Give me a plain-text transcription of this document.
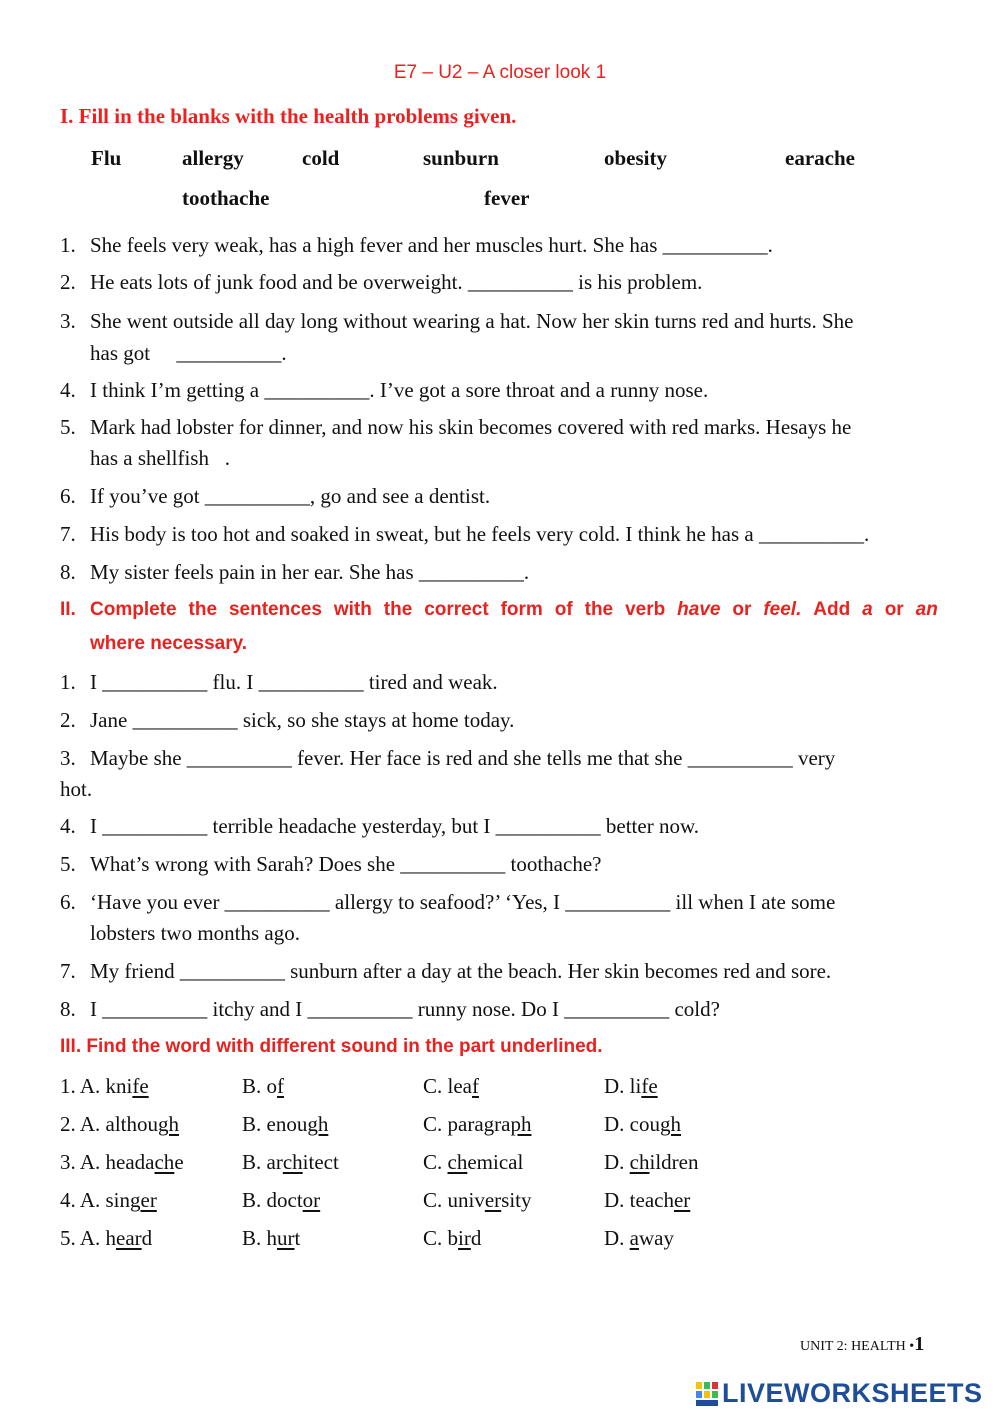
E7 – U2 – A closer look 1
I. Fill in the blanks with the health problems given.
Flu	allergy	cold	sunburn	obesity	earache
toothache	fever
1. She feels very weak, has a high fever and her muscles hurt. She has __________.
2. He eats lots of junk food and be overweight. __________ is his problem.
3. She went outside all day long without wearing a hat. Now her skin turns red and hurts. She
has got     __________.
4. I think I’m getting a __________. I’ve got a sore throat and a runny nose.
5. Mark had lobster for dinner, and now his skin becomes covered with red marks. Hesays he
has a shellfish   .
6. If you’ve got __________, go and see a dentist.
7. His body is too hot and soaked in sweat, but he feels very cold. I think he has a __________.
8. My sister feels pain in her ear. She has __________.
II. Complete the sentences with the correct form of the verb have or feel. Add a or an
where necessary.
1. I __________ flu. I __________ tired and weak.
2. Jane __________ sick, so she stays at home today.
3. Maybe she __________ fever. Her face is red and she tells me that she __________ very
hot.
4. I __________ terrible headache yesterday, but I __________ better now.
5. What’s wrong with Sarah? Does she __________ toothache?
6. ‘Have you ever __________ allergy to seafood?’ ‘Yes, I __________ ill when I ate some
lobsters two months ago.
7. My friend __________ sunburn after a day at the beach. Her skin becomes red and sore.
8. I __________ itchy and I __________ runny nose. Do I __________ cold?
III. Find the word with different sound in the part underlined.
1. A. knife	B. of	C. leaf	D. life
2. A. although	B. enough	C. paragraph	D. cough
3. A. headache	B. architect	C. chemical	D. children
4. A. singer	B. doctor	C. university	D. teacher
5. A. heard	B. hurt	C. bird	D. away
UNIT 2: HEALTH •1
LIVEWORKSHEETS
